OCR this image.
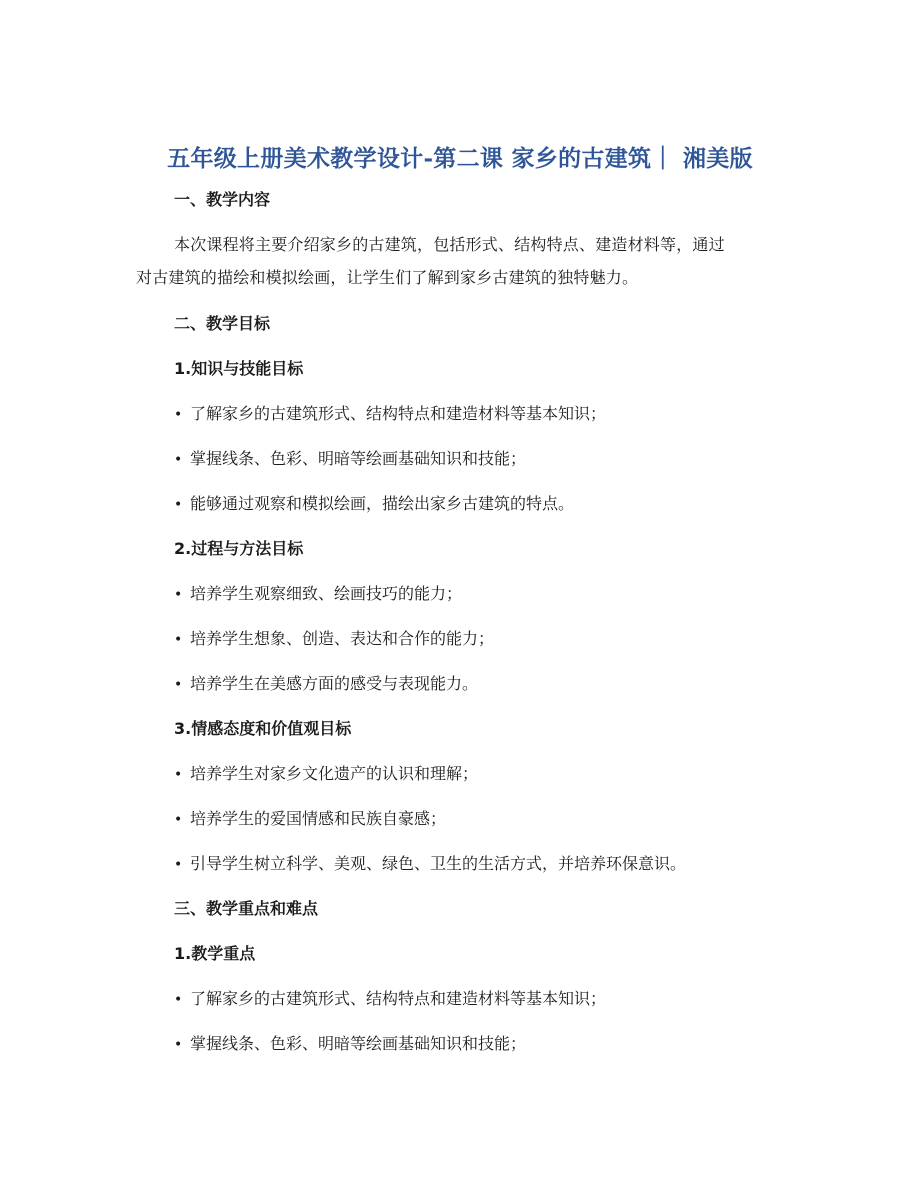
五年级上册美术教学设计-第二课 家乡的古建筑｜ 湘美版
一、教学内容
本次课程将主要介绍家乡的古建筑，包括形式、结构特点、建造材料等，通过
对古建筑的描绘和模拟绘画，让学生们了解到家乡古建筑的独特魅力。
二、教学目标
1.知识与技能目标
• 了解家乡的古建筑形式、结构特点和建造材料等基本知识；
• 掌握线条、色彩、明暗等绘画基础知识和技能；
• 能够通过观察和模拟绘画，描绘出家乡古建筑的特点。
2.过程与方法目标
• 培养学生观察细致、绘画技巧的能力；
• 培养学生想象、创造、表达和合作的能力；
• 培养学生在美感方面的感受与表现能力。
3.情感态度和价值观目标
• 培养学生对家乡文化遗产的认识和理解；
• 培养学生的爱国情感和民族自豪感；
• 引导学生树立科学、美观、绿色、卫生的生活方式，并培养环保意识。
三、教学重点和难点
1.教学重点
• 了解家乡的古建筑形式、结构特点和建造材料等基本知识；
• 掌握线条、色彩、明暗等绘画基础知识和技能；
